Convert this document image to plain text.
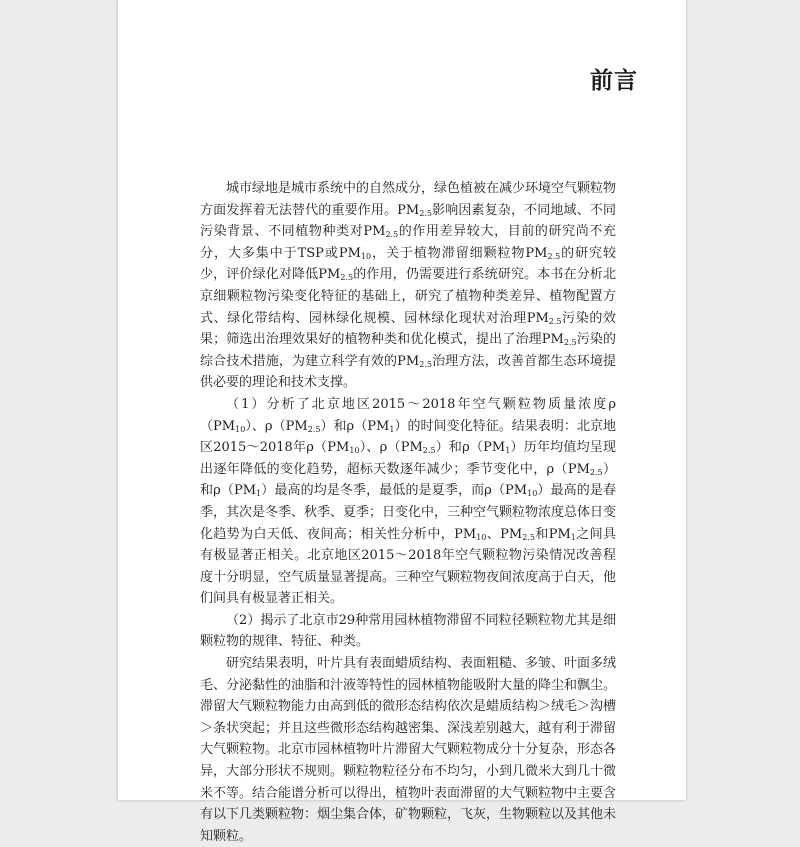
前言

城市绿地是城市系统中的自然成分，绿色植被在减少环境空气颗粒物方面发挥着无法替代的重要作用。$PM_{2.5}$影响因素复杂，不同地域、不同污染背景、不同植物种类对$PM_{2.5}$的作用差异较大，目前的研究尚不充分，大多集中于TSP或$PM_{10}$，关于植物滞留细颗粒物$PM_{2.5}$的研究较少，评价绿化对降低$PM_{2.5}$的作用，仍需要进行系统研究。本书在分析北京细颗粒物污染变化特征的基础上，研究了植物种类差异、植物配置方式、绿化带结构、园林绿化规模、园林绿化现状对治理$PM_{2.5}$污染的效果；筛选出治理效果好的植物种类和优化模式，提出了治理$PM_{2.5}$污染的综合技术措施，为建立科学有效的$PM_{2.5}$治理方法，改善首都生态环境提供必要的理论和技术支撑。

（1）分析了北京地区2015～2018年空气颗粒物质量浓度$\rho(PM_{10})$、$\rho(PM_{2.5})$和$\rho(PM_1)$的时间变化特征。结果表明：北京地区2015～2018年$\rho(PM_{10})$、$\rho(PM_{2.5})$和$\rho(PM_1)$历年均值均呈现出逐年降低的变化趋势，超标天数逐年减少；季节变化中，$\rho(PM_{2.5})$和$\rho(PM_1)$最高的均是冬季，最低的是夏季，而$\rho(PM_{10})$最高的是春季，其次是冬季、秋季、夏季；日变化中，三种空气颗粒物浓度总体日变化趋势为白天低、夜间高；相关性分析中，$PM_{10}$、$PM_{2.5}$和$PM_1$之间具有极显著正相关。北京地区2015～2018年空气颗粒物污染情况改善程度十分明显，空气质量显著提高。三种空气颗粒物夜间浓度高于白天，他们间具有极显著正相关。

（2）揭示了北京市29种常用园林植物滞留不同粒径颗粒物尤其是细颗粒物的规律、特征、种类。

研究结果表明，叶片具有表面蜡质结构、表面粗糙、多皱、叶面多绒毛、分泌黏性的油脂和汁液等特性的园林植物能吸附大量的降尘和飘尘。滞留大气颗粒物能力由高到低的微形态结构依次是蜡质结构＞绒毛＞沟槽＞条状突起；并且这些微形态结构越密集、深浅差别越大，越有利于滞留大气颗粒物。北京市园林植物叶片滞留大气颗粒物成分十分复杂，形态各异，大部分形状不规则。颗粒物粒径分布不均匀，小到几微米大到几十微米不等。结合能谱分析可以得出，植物叶表面滞留的大气颗粒物中主要含有以下几类颗粒物：烟尘集合体，矿物颗粒，飞灰，生物颗粒以及其他未知颗粒。
